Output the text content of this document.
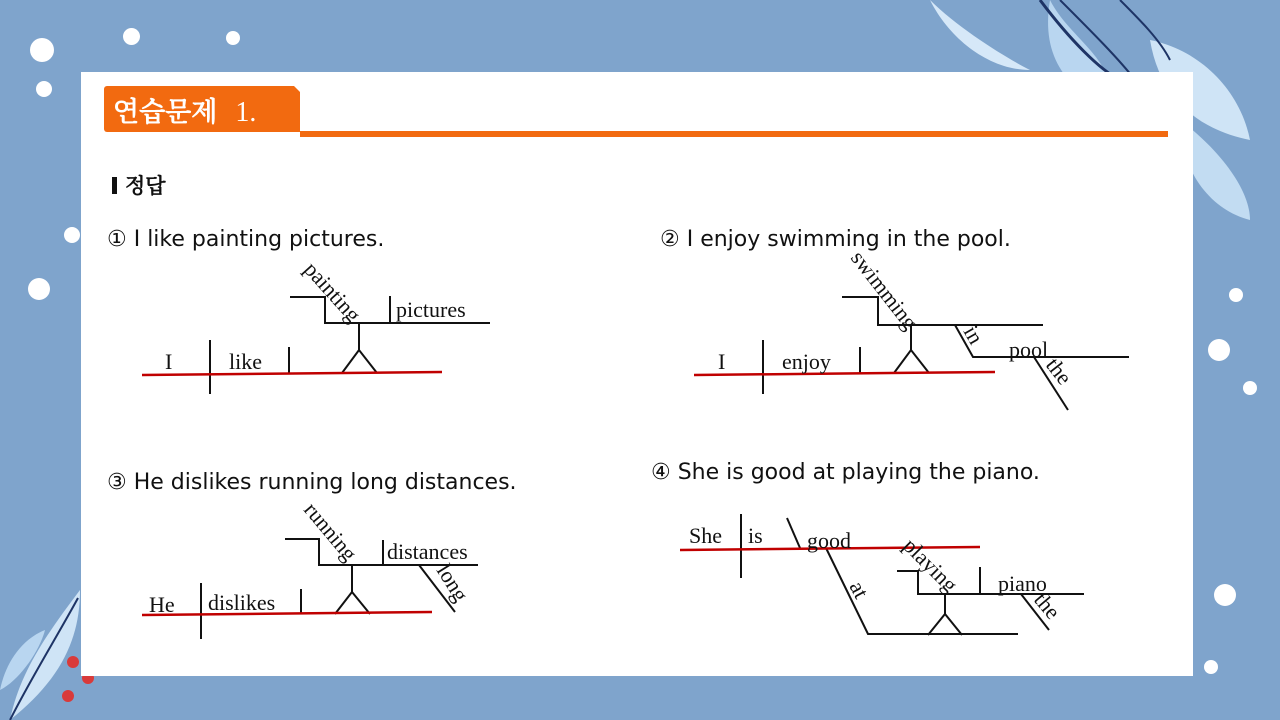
연습문제 1.
정답
① I like painting pictures.	② I enjoy swimming in the pool.
③ He dislikes running long distances.	④ She is good at playing the piano.
I	like
pictures
painting
I	enjoy
swimming
in
pool
the
He dislikes
distances
running
long
She is good
at playing piano
the
